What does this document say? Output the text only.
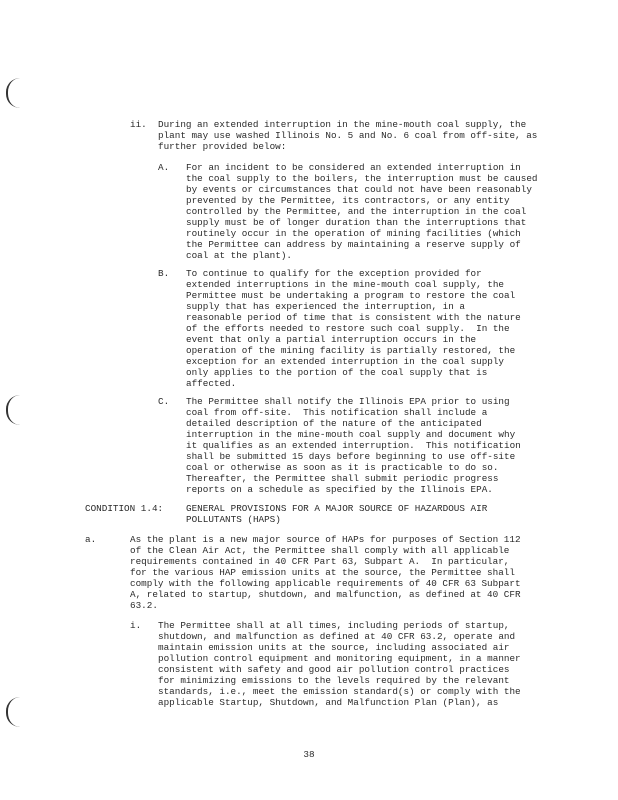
ii. During an extended interruption in the mine-mouth coal supply, the
plant may use washed Illinois No. 5 and No. 6 coal from off-site, as
further provided below:
A. For an incident to be considered an extended interruption in
the coal supply to the boilers, the interruption must be caused
by events or circumstances that could not have been reasonably
prevented by the Permittee, its contractors, or any entity
controlled by the Permittee, and the interruption in the coal
supply must be of longer duration than the interruptions that
routinely occur in the operation of mining facilities (which
the Permittee can address by maintaining a reserve supply of
coal at the plant).
B. To continue to qualify for the exception provided for
extended interruptions in the mine-mouth coal supply, the
Permittee must be undertaking a program to restore the coal
supply that has experienced the interruption, in a
reasonable period of time that is consistent with the nature
of the efforts needed to restore such coal supply.  In the
event that only a partial interruption occurs in the
operation of the mining facility is partially restored, the
exception for an extended interruption in the coal supply
only applies to the portion of the coal supply that is
affected.
C. The Permittee shall notify the Illinois EPA prior to using
coal from off-site.  This notification shall include a
detailed description of the nature of the anticipated
interruption in the mine-mouth coal supply and document why
it qualifies as an extended interruption.  This notification
shall be submitted 15 days before beginning to use off-site
coal or otherwise as soon as it is practicable to do so.
Thereafter, the Permittee shall submit periodic progress
reports on a schedule as specified by the Illinois EPA.
CONDITION 1.4: GENERAL PROVISIONS FOR A MAJOR SOURCE OF HAZARDOUS AIR
POLLUTANTS (HAPS)
a.	As the plant is a new major source of HAPs for purposes of Section 112
of the Clean Air Act, the Permittee shall comply with all applicable
requirements contained in 40 CFR Part 63, Subpart A.  In particular,
for the various HAP emission units at the source, the Permittee shall
comply with the following applicable requirements of 40 CFR 63 Subpart
A, related to startup, shutdown, and malfunction, as defined at 40 CFR
63.2.
i. The Permittee shall at all times, including periods of startup,
shutdown, and malfunction as defined at 40 CFR 63.2, operate and
maintain emission units at the source, including associated air
pollution control equipment and monitoring equipment, in a manner
consistent with safety and good air pollution control practices
for minimizing emissions to the levels required by the relevant
standards, i.e., meet the emission standard(s) or comply with the
applicable Startup, Shutdown, and Malfunction Plan (Plan), as
38
